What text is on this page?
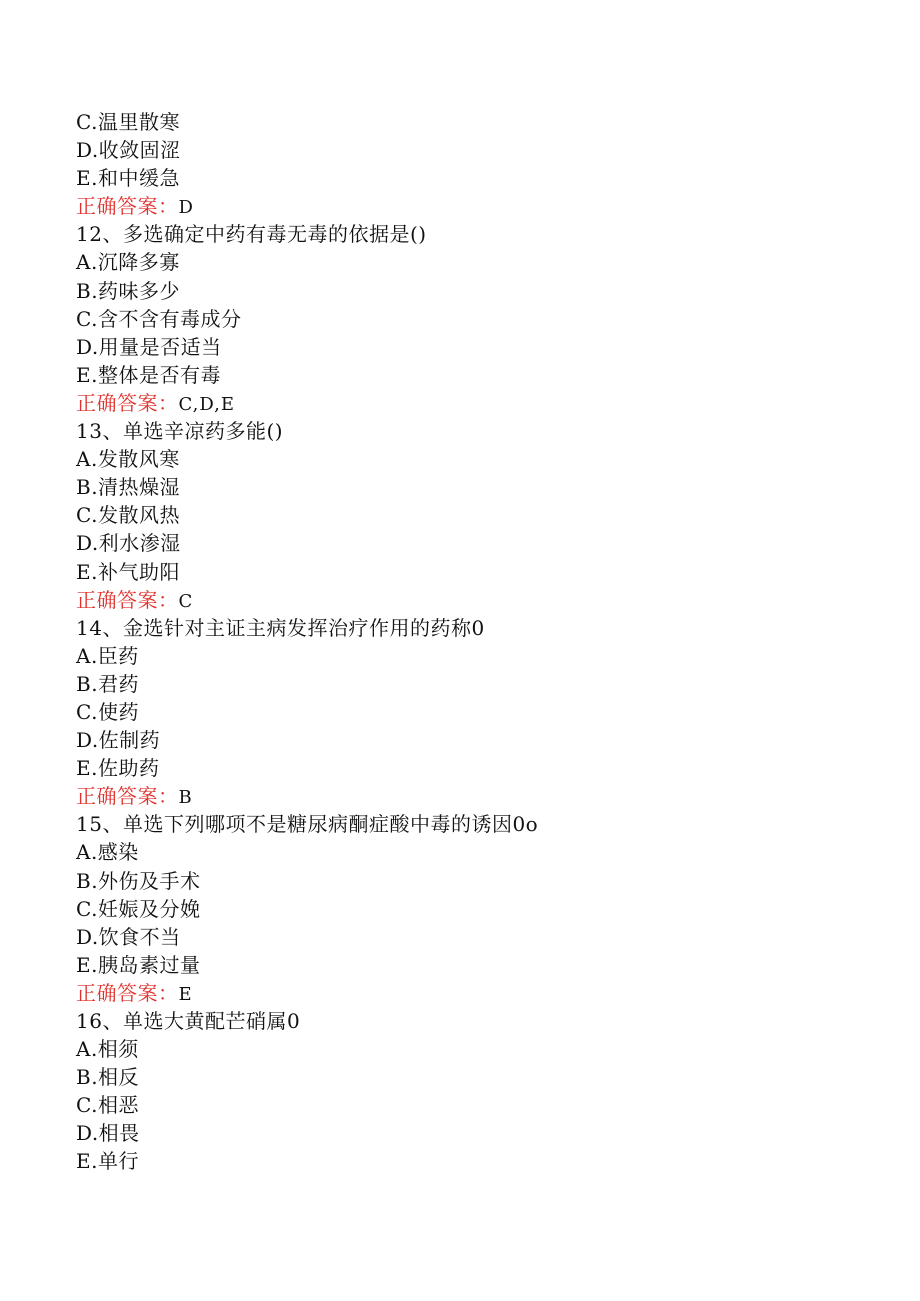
C.温里散寒
D.收敛固涩
E.和中缓急
正确答案：D
12、多选确定中药有毒无毒的依据是()
A.沉降多寡
B.药味多少
C.含不含有毒成分
D.用量是否适当
E.整体是否有毒
正确答案：C,D,E
13、单选辛凉药多能()
A.发散风寒
B.清热燥湿
C.发散风热
D.利水渗湿
E.补气助阳
正确答案：C
14、金选针对主证主病发挥治疗作用的药称0
A.臣药
B.君药
C.使药
D.佐制药
E.佐助药
正确答案：B
15、单选下列哪项不是糖尿病酮症酸中毒的诱因0o
A.感染
B.外伤及手术
C.妊娠及分娩
D.饮食不当
E.胰岛素过量
正确答案：E
16、单选大黄配芒硝属0
A.相须
B.相反
C.相恶
D.相畏
E.单行
